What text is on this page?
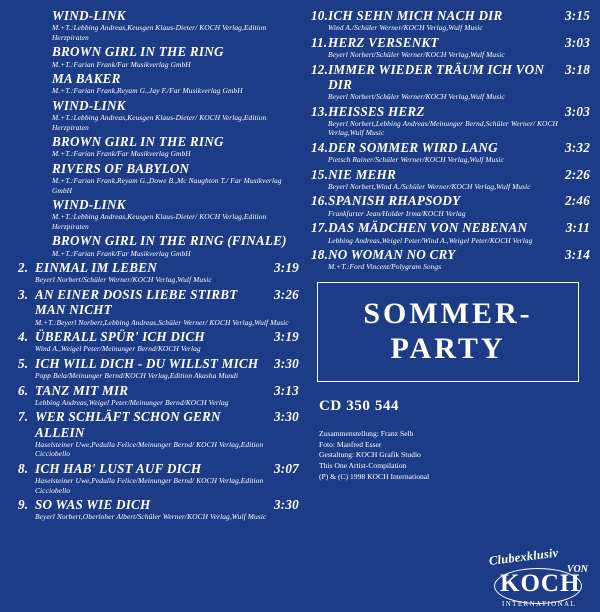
WIND-LINK
M.+T.:Lebbing Andreas,Keusgen Klaus-Dieter/ KOCH Verlag,Edition Herzpiraten
BROWN GIRL IN THE RING
M.+T.:Farian Frank/Far Musikverlag GmbH
MA BAKER
M.+T.:Farian Frank,Reyam G.,Jay F./Far Musikverlag GmbH
WIND-LINK
M.+T.:Lebbing Andreas,Keusgen Klaus-Dieter/ KOCH Verlag,Edition Herzpiraten
BROWN GIRL IN THE RING
M.+T.:Farian Frank/Far Musikverlag GmbH
RIVERS OF BABYLON
M.+T.:Farian Frank,Reyam G.,Dowe B.,Mc Naughton T./ Far Musikverlag GmbH
WIND-LINK
M.+T.:Lebbing Andreas,Keusgen Klaus-Dieter/ KOCH Verlag,Edition Herzpiraten
BROWN GIRL IN THE RING (FINALE)
M.+T.:Farian Frank/Far Musikverlag GmbH
2. EINMAL IM LEBEN	3:19
Beyerl Norbert/Schüler Werner/KOCH Verlag,Wulf Music
3. AN EINER DOSIS LIEBE STIRBT MAN NICHT
3:26
M.+T.:Beyerl Norbert,Lebbing Andreas,Schüler Werner/ KOCH Verlag,Wulf Music
4. ÜBERALL SPÜR' ICH DICH	3:19
Wind A.,Weigel Peter/Meinunger Bernd/KOCH Verlag
5. ICH WILL DICH - DU WILLST MICH	3:30
Popp Bela/Meinunger Bernd/KOCH Verlag,Edition Akasha Mundi
6. TANZ MIT MIR	3:13
Lebbing Andreas,Weigel Peter/Meinunger Bernd/KOCH Verlag
7. WER SCHLÄFT SCHON GERN ALLEIN
3:30
Haselsteiner Uwe,Pedulla Felice/Meinunger Bernd/ KOCH Verlag,Edition Cicciobello
8. ICH HAB' LUST AUF DICH	3:07
Haselsteiner Uwe,Pedulla Felice/Meinunger Bernd/ KOCH Verlag,Edition Cicciobello
9. SO WAS WIE DICH	3:30
Beyerl Norbert,Oberloher Albert/Schüler Werner/KOCH Verlag,Wulf Music
10. ICH SEHN MICH NACH DIR	3:15
Wind A./Schüler Werner/KOCH Verlag,Wulf Music
11. HERZ VERSENKT	3:03
Beyerl Norbert/Schüler Werner/KOCH Verlag,Wulf Music
12. IMMER WIEDER TRÄUM ICH VON DIR
3:18
Beyerl Norbert/Schüler Werner/KOCH Verlag,Wulf Music
13. HEISSES HERZ	3:03
Beyerl Norbert,Lebbing Andreas/Meinunger Bernd,Schüler Werner/ KOCH Verlag,Wulf Music
14. DER SOMMER WIRD LANG	3:32
Pietsch Rainer/Schüler Werner/KOCH Verlag,Wulf Music
15. NIE MEHR	2:26
Beyerl Norbert,Wind A./Schüler Werner/KOCH Verlag,Wulf Music
16. SPANISH RHAPSODY	2:46
Frankfurter Jean/Holder Irma/KOCH Verlag
17. DAS MÄDCHEN VON NEBENAN	3:11
Lebbing Andreas,Weigel Peter/Wind A.,Weigel Peter/KOCH Verlag
18. NO WOMAN NO CRY	3:14
M.+T.:Ford Vincent/Polygram Songs
SOMMER-
PARTY
CD 350 544
Zusammenstellung: Franz Selb
Foto: Manfred Esser
Gestaltung: KOCH Grafik Studio
This One Artist-Compilation
(P) & (C) 1998 KOCH International
Clubexklusiv
VON
KOCH
INTERNATIONAL
